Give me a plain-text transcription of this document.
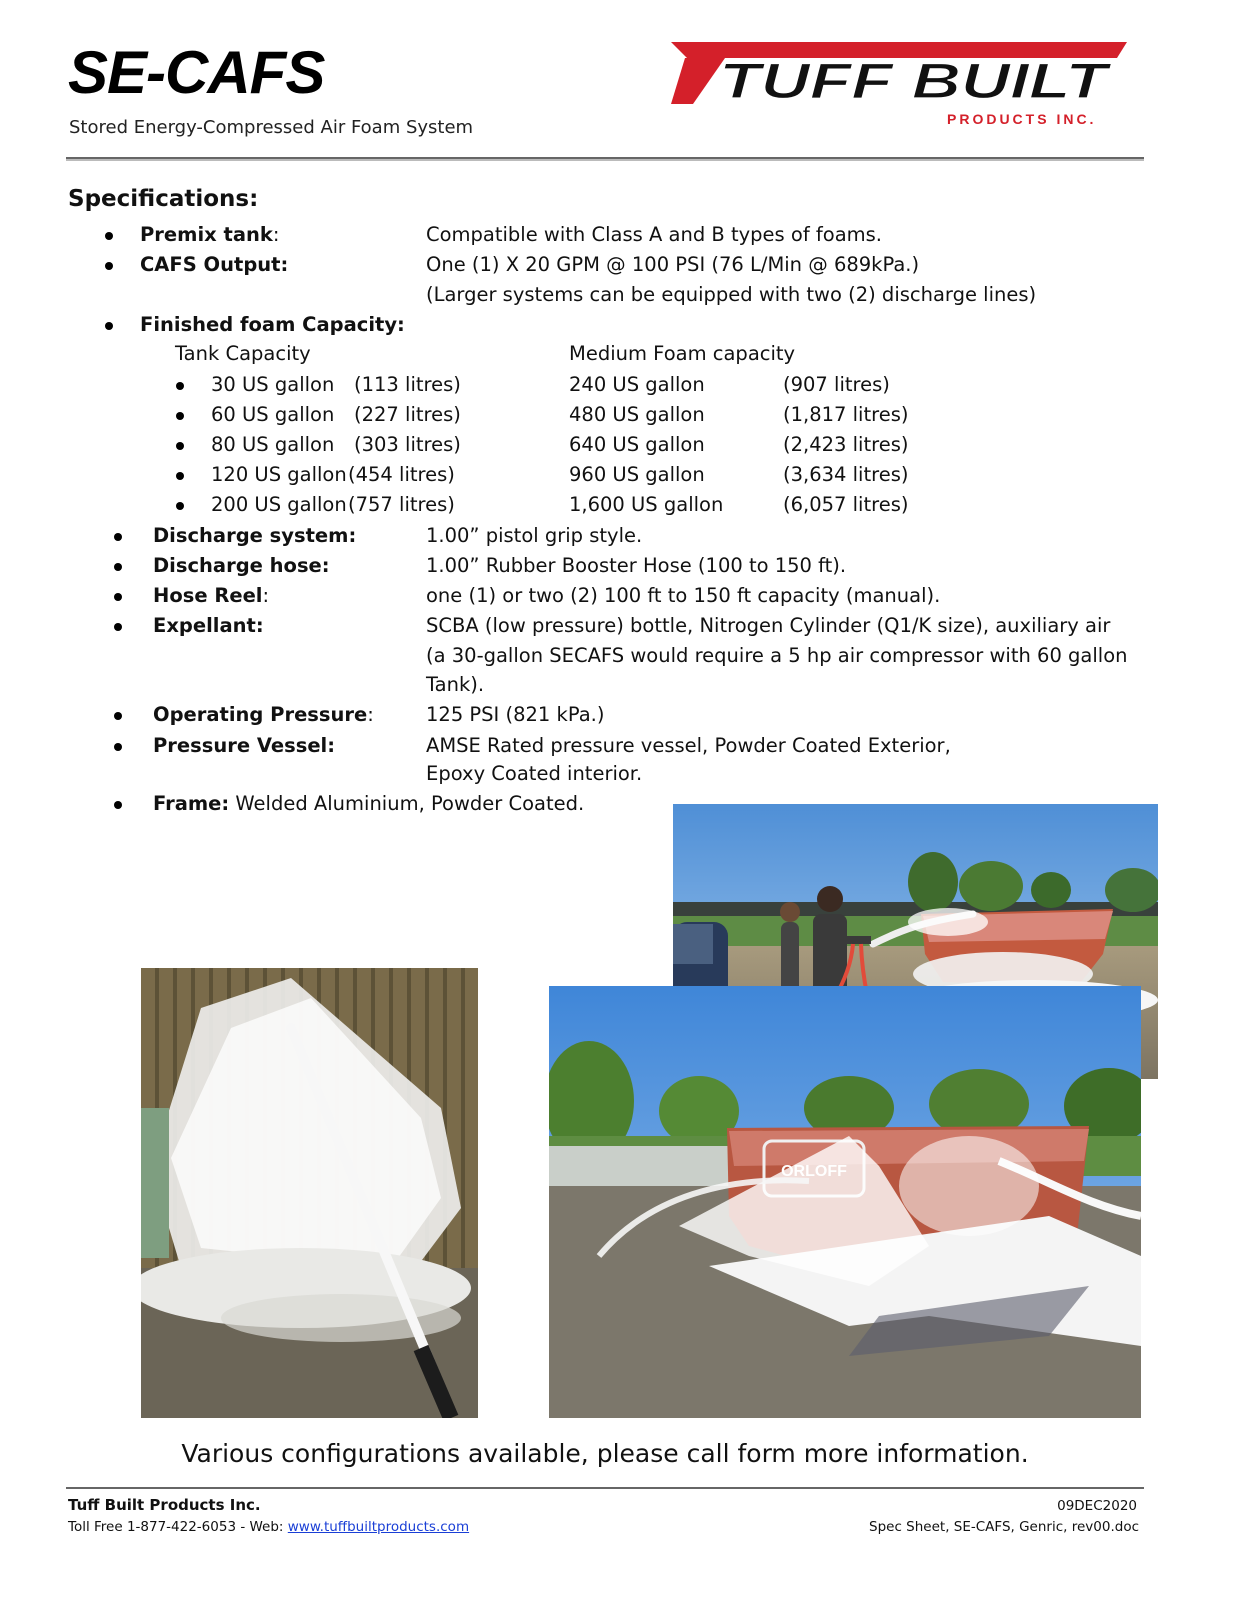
SE-CAFS
Stored Energy-Compressed Air Foam System
TUFF BUILT
PRODUCTS INC.
Specifications:
Premix tank:	Compatible with Class A and B types of foams.
CAFS Output:	One (1) X 20 GPM @ 100 PSI (76 L/Min @ 689kPa.)
(Larger systems can be equipped with two (2) discharge lines)
Finished foam Capacity:
Tank Capacity	Medium Foam capacity
30 US gallon (113 litres)	240 US gallon	(907 litres)
60 US gallon (227 litres)	480 US gallon	(1,817 litres)
80 US gallon (303 litres)	640 US gallon	(2,423 litres)
120 US gallon (454 litres)	960 US gallon	(3,634 litres)
200 US gallon (757 litres)	1,600 US gallon	(6,057 litres)
Discharge system:	1.00” pistol grip style.
Discharge hose:	1.00” Rubber Booster Hose (100 to 150 ft).
Hose Reel:	one (1) or two (2) 100 ft to 150 ft capacity (manual).
Expellant:	SCBA (low pressure) bottle, Nitrogen Cylinder (Q1/K size), auxiliary air
(a 30-gallon SECAFS would require a 5 hp air compressor with 60 gallon
Tank).
Operating Pressure:	125 PSI (821 kPa.)
Pressure Vessel:	AMSE Rated pressure vessel, Powder Coated Exterior,
Epoxy Coated interior.
Frame: Welded Aluminium, Powder Coated.
Various configurations available, please call form more information.
Tuff Built Products Inc.
Toll Free 1-877-422-6053 - Web: www.tuffbuiltproducts.com
09DEC2020
Spec Sheet, SE-CAFS, Genric, rev00.doc
